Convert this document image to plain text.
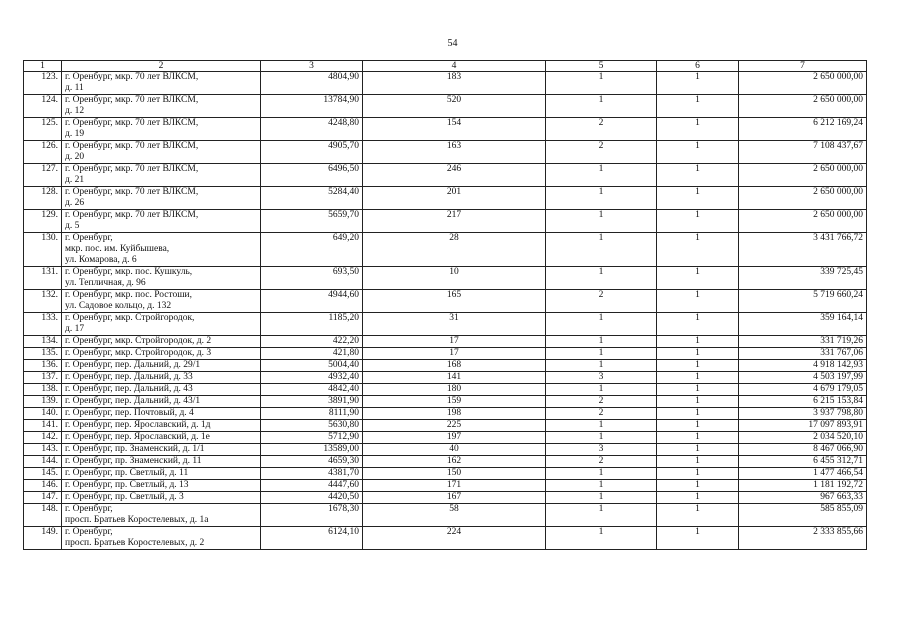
54
1	2	3	4	5	6	7
123.	г. Оренбург, мкр. 70 лет ВЛКСМ,
д. 11	4804,90	183	1	1	2 650 000,00
124.	г. Оренбург, мкр. 70 лет ВЛКСМ,
д. 12	13784,90	520	1	1	2 650 000,00
125.	г. Оренбург, мкр. 70 лет ВЛКСМ,
д. 19	4248,80	154	2	1	6 212 169,24
126.	г. Оренбург, мкр. 70 лет ВЛКСМ,
д. 20	4905,70	163	2	1	7 108 437,67
127.	г. Оренбург, мкр. 70 лет ВЛКСМ,
д. 21	6496,50	246	1	1	2 650 000,00
128.	г. Оренбург, мкр. 70 лет ВЛКСМ,
д. 26	5284,40	201	1	1	2 650 000,00
129.	г. Оренбург, мкр. 70 лет ВЛКСМ,
д. 5	5659,70	217	1	1	2 650 000,00
130.	г. Оренбург,
мкр. пос. им. Куйбышева,
ул. Комарова, д. 6	649,20	28	1	1	3 431 766,72
131.	г. Оренбург, мкр. пос. Кушкуль,
ул. Тепличная, д. 96	693,50	10	1	1	339 725,45
132.	г. Оренбург, мкр. пос. Ростоши,
ул. Садовое кольцо, д. 132	4944,60	165	2	1	5 719 660,24
133.	г. Оренбург, мкр. Стройгородок,
д. 17	1185,20	31	1	1	359 164,14
134.	г. Оренбург, мкр. Стройгородок, д. 2	422,20	17	1	1	331 719,26
135.	г. Оренбург, мкр. Стройгородок, д. 3	421,80	17	1	1	331 767,06
136.	г. Оренбург, пер. Дальний, д. 29/1	5004,40	168	1	1	4 918 142,93
137.	г. Оренбург, пер. Дальний, д. 33	4932,40	141	3	1	4 503 197,99
138.	г. Оренбург, пер. Дальний, д. 43	4842,40	180	1	1	4 679 179,05
139.	г. Оренбург, пер. Дальний, д. 43/1	3891,90	159	2	1	6 215 153,84
140.	г. Оренбург, пер. Почтовый, д. 4	8111,90	198	2	1	3 937 798,80
141.	г. Оренбург, пер. Ярославский, д. 1д	5630,80	225	1	1	17 097 893,91
142.	г. Оренбург, пер. Ярославский, д. 1е	5712,90	197	1	1	2 034 520,10
143.	г. Оренбург, пр. Знаменский, д. 1/1	13589,00	40	3	1	8 467 066,90
144.	г. Оренбург, пр. Знаменский, д. 11	4659,30	162	2	1	6 455 312,71
145.	г. Оренбург, пр. Светлый, д. 11	4381,70	150	1	1	1 477 466,54
146.	г. Оренбург, пр. Светлый, д. 13	4447,60	171	1	1	1 181 192,72
147.	г. Оренбург, пр. Светлый, д. 3	4420,50	167	1	1	967 663,33
148.	г. Оренбург,
просп. Братьев Коростелевых, д. 1а	1678,30	58	1	1	585 855,09
149.	г. Оренбург,
просп. Братьев Коростелевых, д. 2	6124,10	224	1	1	2 333 855,66
